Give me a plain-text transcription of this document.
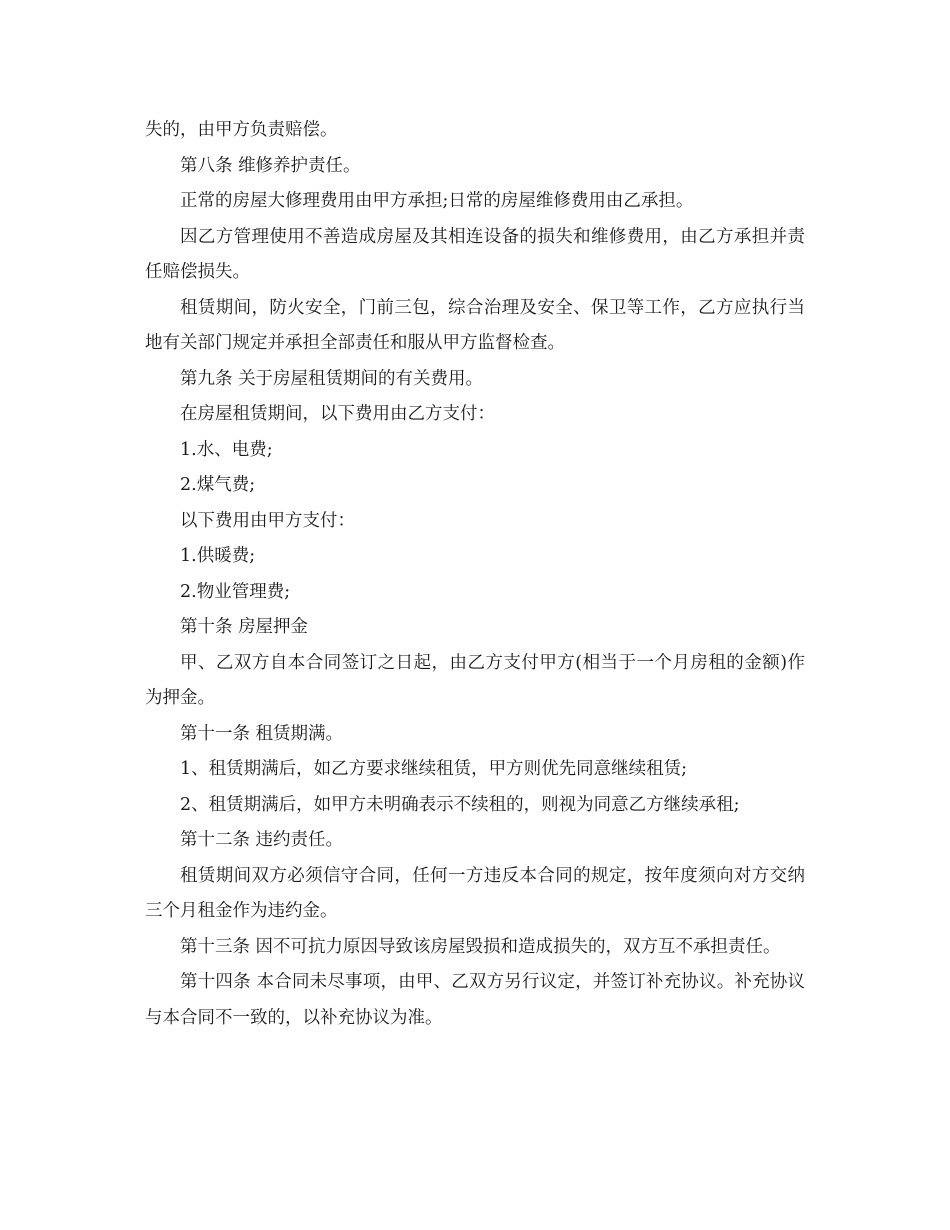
失的，由甲方负责赔偿。

第八条 维修养护责任。

正常的房屋大修理费用由甲方承担;日常的房屋维修费用由乙承担。

因乙方管理使用不善造成房屋及其相连设备的损失和维修费用，由乙方承担并责任赔偿损失。

租赁期间，防火安全，门前三包，综合治理及安全、保卫等工作，乙方应执行当地有关部门规定并承担全部责任和服从甲方监督检查。

第九条 关于房屋租赁期间的有关费用。

在房屋租赁期间，以下费用由乙方支付：

1.水、电费;

2.煤气费;

以下费用由甲方支付：

1.供暖费;

2.物业管理费;

第十条 房屋押金

甲、乙双方自本合同签订之日起，由乙方支付甲方(相当于一个月房租的金额)作为押金。

第十一条 租赁期满。

1、租赁期满后，如乙方要求继续租赁，甲方则优先同意继续租赁;

2、租赁期满后，如甲方未明确表示不续租的，则视为同意乙方继续承租;

第十二条 违约责任。

租赁期间双方必须信守合同，任何一方违反本合同的规定，按年度须向对方交纳三个月租金作为违约金。

第十三条 因不可抗力原因导致该房屋毁损和造成损失的，双方互不承担责任。

第十四条 本合同未尽事项，由甲、乙双方另行议定，并签订补充协议。补充协议与本合同不一致的，以补充协议为准。
